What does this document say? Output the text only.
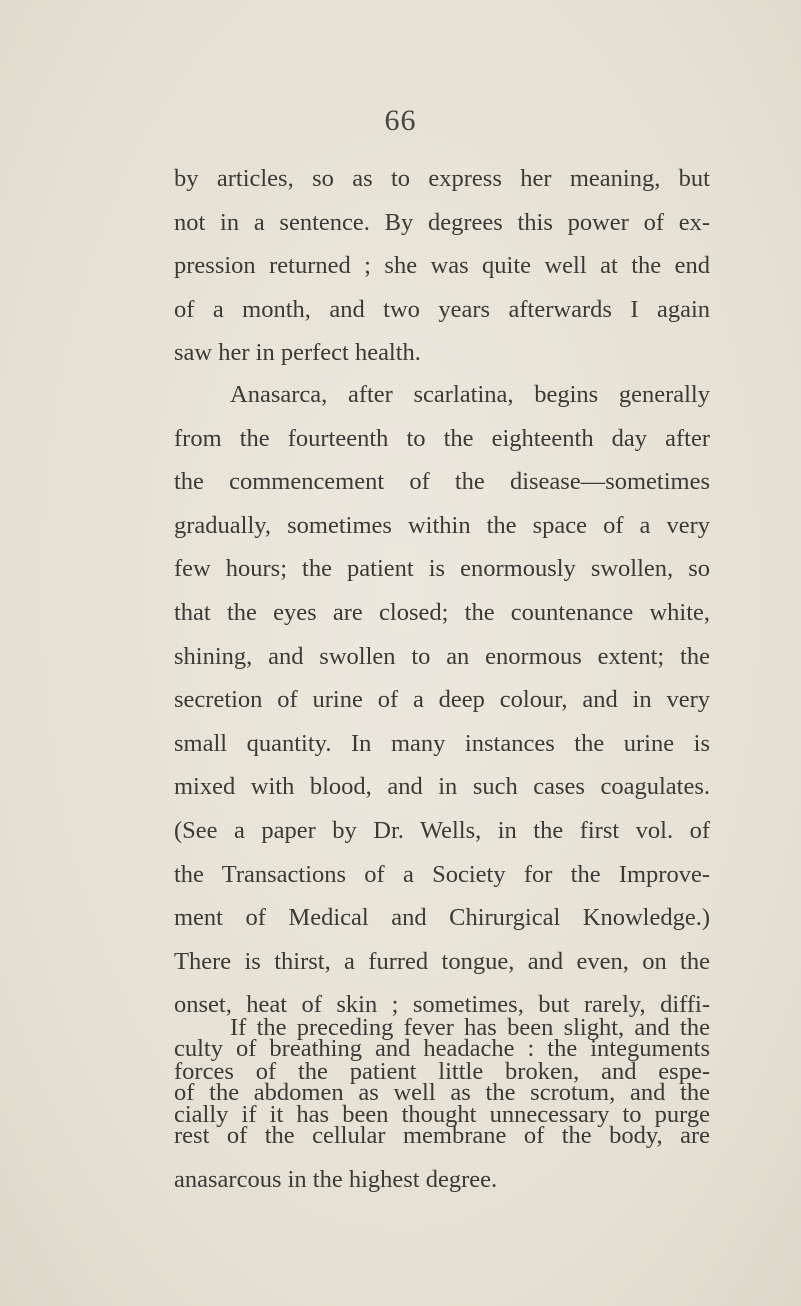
66
by articles, so as to express her meaning, but
not in a sentence. By degrees this power of ex-
pression returned ; she was quite well at the end
of a month, and two years afterwards I again
saw her in perfect health.
Anasarca, after scarlatina, begins generally
from the fourteenth to the eighteenth day after
the commencement of the disease—sometimes
gradually, sometimes within the space of a very
few hours; the patient is enormously swollen, so
that the eyes are closed; the countenance white,
shining, and swollen to an enormous extent; the
secretion of urine of a deep colour, and in very
small quantity. In many instances the urine is
mixed with blood, and in such cases coagulates.
(See a paper by Dr. Wells, in the first vol. of
the Transactions of a Society for the Improve-
ment of Medical and Chirurgical Knowledge.)
There is thirst, a furred tongue, and even, on the
onset, heat of skin ; sometimes, but rarely, diffi-
culty of breathing and headache : the integuments
of the abdomen as well as the scrotum, and the
rest of the cellular membrane of the body, are
anasarcous in the highest degree.
If the preceding fever has been slight, and the
forces of the patient little broken, and espe-
cially if it has been thought unnecessary to purge
